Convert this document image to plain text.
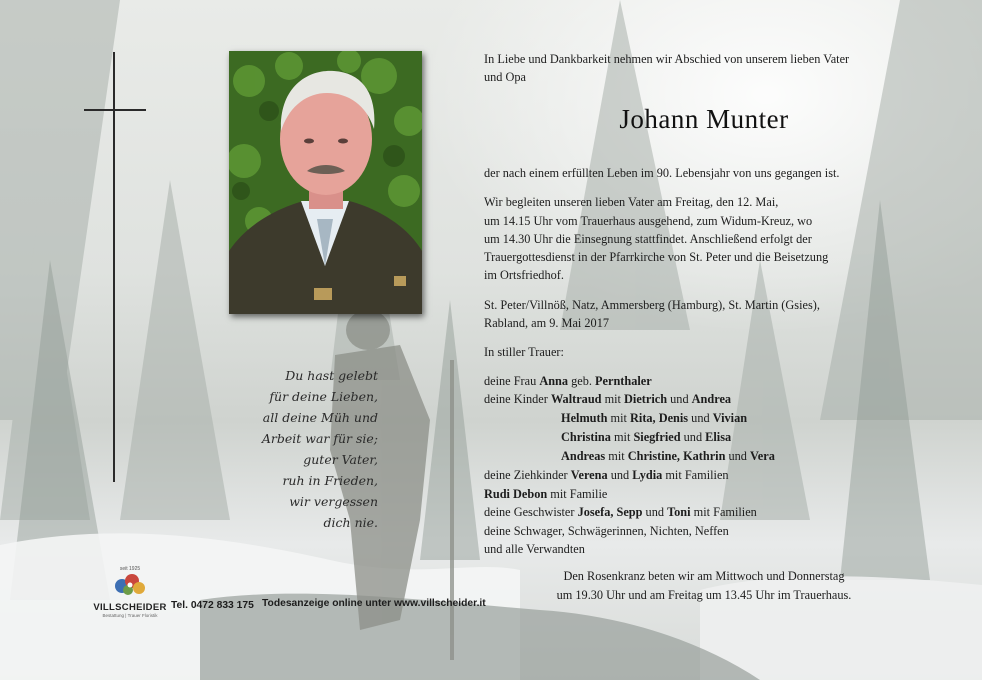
Du hast gelebt
für deine Lieben,
all deine Müh und
Arbeit war für sie;
guter Vater,
ruh in Frieden,
wir vergessen
dich nie.
In Liebe und Dankbarkeit nehmen wir Abschied von unserem lieben Vater
und Opa
Johann Munter
der nach einem erfüllten Leben im 90. Lebensjahr von uns gegangen ist.
Wir begleiten unseren lieben Vater am Freitag, den 12. Mai,
um 14.15 Uhr vom Trauerhaus ausgehend, zum Widum-Kreuz, wo
um 14.30 Uhr die Einsegnung stattfindet. Anschließend erfolgt der
Trauergottesdienst in der Pfarrkirche von St. Peter und die Beisetzung
im Ortsfriedhof.
St. Peter/Villnöß, Natz, Ammersberg (Hamburg), St. Martin (Gsies),
Rabland, am 9. Mai 2017
In stiller Trauer:
deine Frau Anna geb. Pernthaler
deine Kinder Waltraud mit Dietrich und Andrea
Helmuth mit Rita, Denis und Vivian
Christina mit Siegfried und Elisa
Andreas mit Christine, Kathrin und Vera
deine Ziehkinder Verena und Lydia mit Familien
Rudi Debon mit Familie
deine Geschwister Josefa, Sepp und Toni mit Familien
deine Schwager, Schwägerinnen, Nichten, Neffen
und alle Verwandten
Den Rosenkranz beten wir am Mittwoch und Donnerstag
um 19.30 Uhr und am Freitag um 13.45 Uhr im Trauerhaus.
seit 1925
VILLSCHEIDER
Bestattung | Trauer Floristik
Tel. 0472 833 175 Todesanzeige online unter www.villscheider.it
